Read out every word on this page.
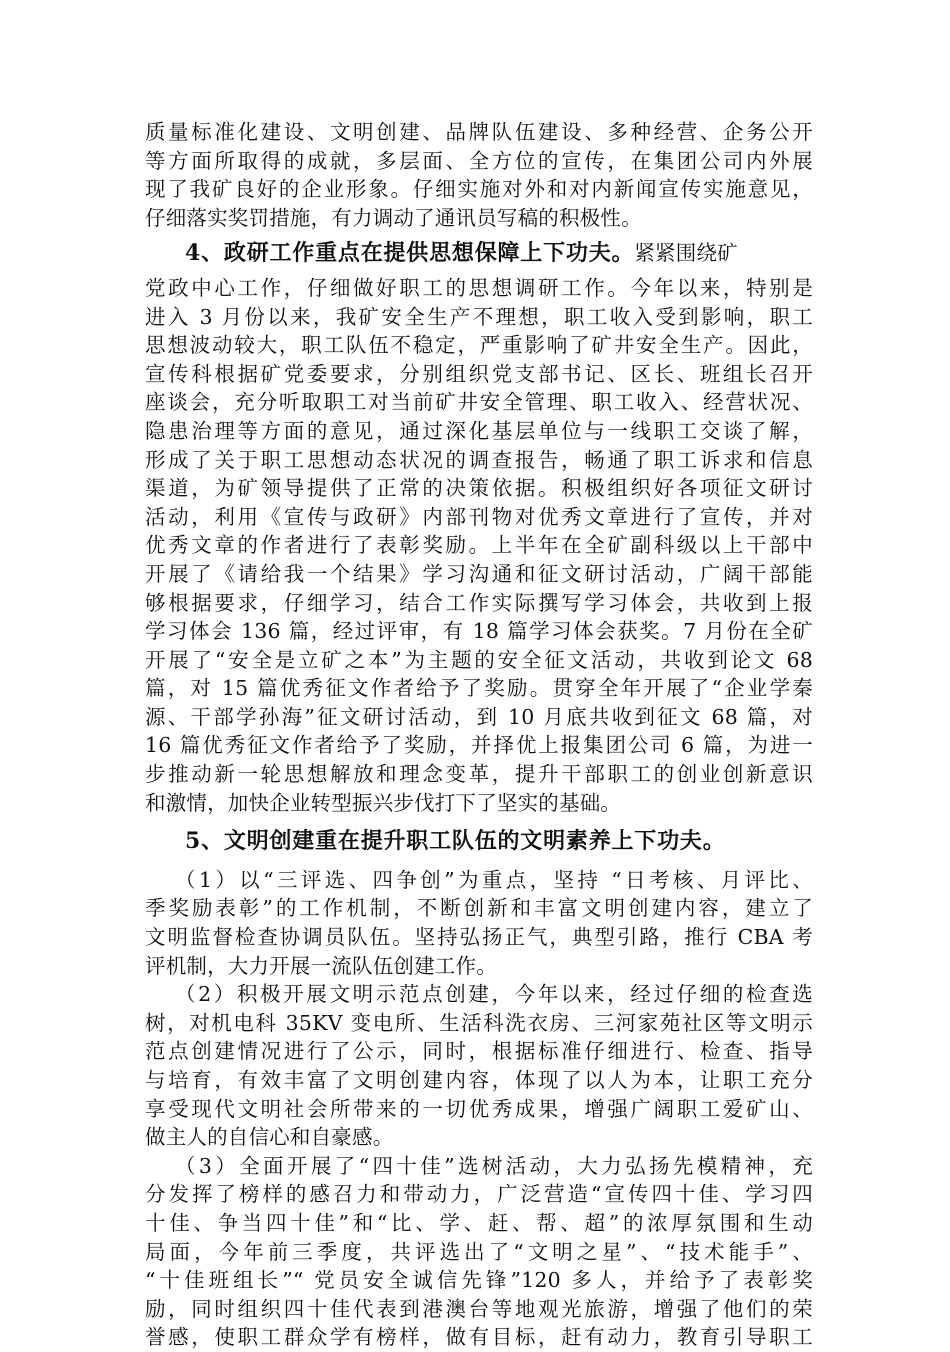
质量标准化建设、文明创建、品牌队伍建设、多种经营、企务公开
等方面所取得的成就，多层面、全方位的宣传，在集团公司内外展
现了我矿良好的企业形象。仔细实施对外和对内新闻宣传实施意见，
仔细落实奖罚措施，有力调动了通讯员写稿的积极性。
4、政研工作重点在提供思想保障上下功夫。紧紧围绕矿
党政中心工作，仔细做好职工的思想调研工作。今年以来，特别是
进入 3 月份以来，我矿安全生产不理想，职工收入受到影响，职工
思想波动较大，职工队伍不稳定，严重影响了矿井安全生产。因此，
宣传科根据矿党委要求，分别组织党支部书记、区长、班组长召开
座谈会，充分听取职工对当前矿井安全管理、职工收入、经营状况、
隐患治理等方面的意见，通过深化基层单位与一线职工交谈了解，
形成了关于职工思想动态状况的调查报告，畅通了职工诉求和信息
渠道，为矿领导提供了正常的决策依据。积极组织好各项征文研讨
活动，利用《宣传与政研》内部刊物对优秀文章进行了宣传，并对
优秀文章的作者进行了表彰奖励。上半年在全矿副科级以上干部中
开展了《请给我一个结果》学习沟通和征文研讨活动，广阔干部能
够根据要求，仔细学习，结合工作实际撰写学习体会，共收到上报
学习体会 136 篇，经过评审，有 18 篇学习体会获奖。7 月份在全矿
开展了“安全是立矿之本”为主题的安全征文活动，共收到论文 68
篇，对 15 篇优秀征文作者给予了奖励。贯穿全年开展了“企业学秦
源、干部学孙海”征文研讨活动，到 10 月底共收到征文 68 篇，对
16 篇优秀征文作者给予了奖励，并择优上报集团公司 6 篇，为进一
步推动新一轮思想解放和理念变革，提升干部职工的创业创新意识
和激情，加快企业转型振兴步伐打下了坚实的基础。
5、文明创建重在提升职工队伍的文明素养上下功夫。
（1）以“三评选、四争创”为重点，坚持 “日考核、月评比、
季奖励表彰”的工作机制，不断创新和丰富文明创建内容，建立了
文明监督检查协调员队伍。坚持弘扬正气，典型引路，推行 CBA 考
评机制，大力开展一流队伍创建工作。
（2）积极开展文明示范点创建，今年以来，经过仔细的检查选
树，对机电科 35KV 变电所、生活科洗衣房、三河家苑社区等文明示
范点创建情况进行了公示，同时，根据标准仔细进行、检查、指导
与培育，有效丰富了文明创建内容，体现了以人为本，让职工充分
享受现代文明社会所带来的一切优秀成果，增强广阔职工爱矿山、
做主人的自信心和自豪感。
（3）全面开展了“四十佳”选树活动，大力弘扬先模精神，充
分发挥了榜样的感召力和带动力，广泛营造“宣传四十佳、学习四
十佳、争当四十佳”和“比、学、赶、帮、超”的浓厚氛围和生动
局面，今年前三季度，共评选出了“文明之星”、“技术能手”、
“十佳班组长”“ 党员安全诚信先锋”120 多人，并给予了表彰奖
励，同时组织四十佳代表到港澳台等地观光旅游，增强了他们的荣
誉感，使职工群众学有榜样，做有目标，赶有动力，教育引导职工
